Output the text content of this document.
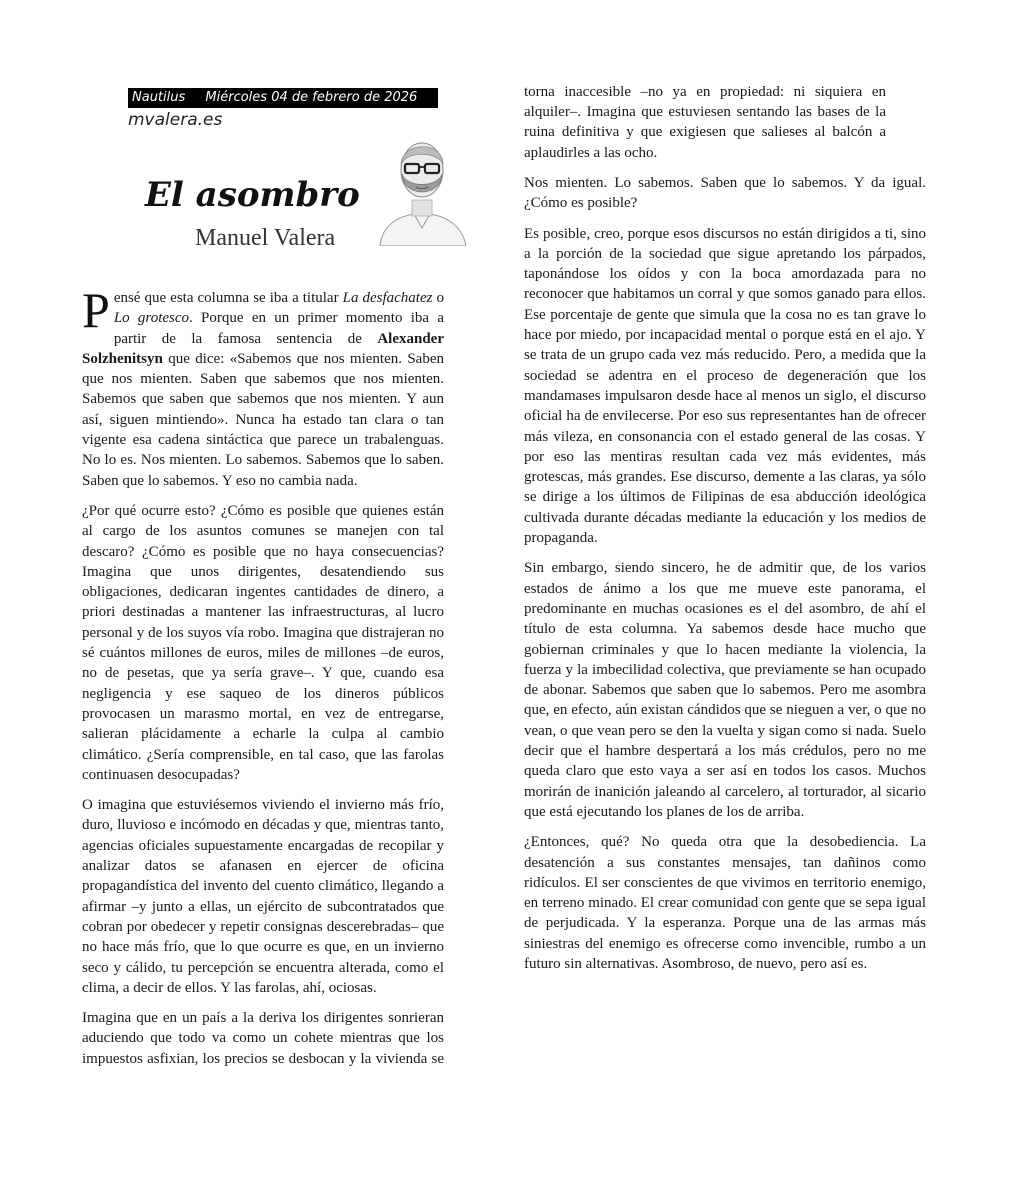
Nautilus Miércoles 04 de febrero de 2026
mvalera.es
El asombro
Manuel Valera

Pensé que esta columna se iba a titular La desfachatez o Lo grotesco. Porque en un primer momento iba a partir de la famosa sentencia de Alexander Solzhenitsyn que dice: «Sabemos que nos mienten. Saben que nos mienten. Saben que sabemos que nos mienten. Sabemos que saben que sabemos que nos mienten. Y aun así, siguen mintiendo». Nunca ha estado tan clara o tan vigente esa cadena sintáctica que parece un trabalenguas. No lo es. Nos mienten. Lo sabemos. Sabemos que lo saben. Saben que lo sabemos. Y eso no cambia nada.

¿Por qué ocurre esto? ¿Cómo es posible que quienes están al cargo de los asuntos comunes se manejen con tal descaro? ¿Cómo es posible que no haya consecuencias? Imagina que unos dirigentes, desatendiendo sus obligaciones, dedicaran ingentes cantidades de dinero, a priori destinadas a mantener las infraestructuras, al lucro personal y de los suyos vía robo. Imagina que distrajeran no sé cuántos millones de euros, miles de millones –de euros, no de pesetas, que ya sería grave–. Y que, cuando esa negligencia y ese saqueo de los dineros públicos provocasen un marasmo mortal, en vez de entregarse, salieran plácidamente a echarle la culpa al cambio climático. ¿Sería comprensible, en tal caso, que las farolas continuasen desocupadas?

O imagina que estuviésemos viviendo el invierno más frío, duro, lluvioso e incómodo en décadas y que, mientras tanto, agencias oficiales supuestamente encargadas de recopilar y analizar datos se afanasen en ejercer de oficina propagandística del invento del cuento climático, llegando a afirmar –y junto a ellas, un ejército de subcontratados que cobran por obedecer y repetir consignas descerebradas– que no hace más frío, que lo que ocurre es que, en un invierno seco y cálido, tu percepción se encuentra alterada, como el clima, a decir de ellos. Y las farolas, ahí, ociosas.

Imagina que en un país a la deriva los dirigentes sonrieran aduciendo que todo va como un cohete mientras que los impuestos asfixian, los precios se desbocan y la vivienda se

torna inaccesible –no ya en propiedad: ni siquiera en alquiler–. Imagina que estuviesen sentando las bases de la ruina definitiva y que exigiesen que salieses al balcón a aplaudirles a las ocho.

Nos mienten. Lo sabemos. Saben que lo sabemos. Y da igual. ¿Cómo es posible?

Es posible, creo, porque esos discursos no están dirigidos a ti, sino a la porción de la sociedad que sigue apretando los párpados, taponándose los oídos y con la boca amordazada para no reconocer que habitamos un corral y que somos ganado para ellos. Ese porcentaje de gente que simula que la cosa no es tan grave lo hace por miedo, por incapacidad mental o porque está en el ajo. Y se trata de un grupo cada vez más reducido. Pero, a medida que la sociedad se adentra en el proceso de degeneración que los mandamases impulsaron desde hace al menos un siglo, el discurso oficial ha de envilecerse. Por eso sus representantes han de ofrecer más vileza, en consonancia con el estado general de las cosas. Y por eso las mentiras resultan cada vez más evidentes, más grotescas, más grandes. Ese discurso, demente a las claras, ya sólo se dirige a los últimos de Filipinas de esa abducción ideológica cultivada durante décadas mediante la educación y los medios de propaganda.

Sin embargo, siendo sincero, he de admitir que, de los varios estados de ánimo a los que me mueve este panorama, el predominante en muchas ocasiones es el del asombro, de ahí el título de esta columna. Ya sabemos desde hace mucho que gobiernan criminales y que lo hacen mediante la violencia, la fuerza y la imbecilidad colectiva, que previamente se han ocupado de abonar. Sabemos que saben que lo sabemos. Pero me asombra que, en efecto, aún existan cándidos que se nieguen a ver, o que no vean, o que vean pero se den la vuelta y sigan como si nada. Suelo decir que el hambre despertará a los más crédulos, pero no me queda claro que esto vaya a ser así en todos los casos. Muchos morirán de inanición jaleando al carcelero, al torturador, al sicario que está ejecutando los planes de los de arriba.

¿Entonces, qué? No queda otra que la desobediencia. La desatención a sus constantes mensajes, tan dañinos como ridículos. El ser conscientes de que vivimos en territorio enemigo, en terreno minado. El crear comunidad con gente que se sepa igual de perjudicada. Y la esperanza. Porque una de las armas más siniestras del enemigo es ofrecerse como invencible, rumbo a un futuro sin alternativas. Asombroso, de nuevo, pero así es.
